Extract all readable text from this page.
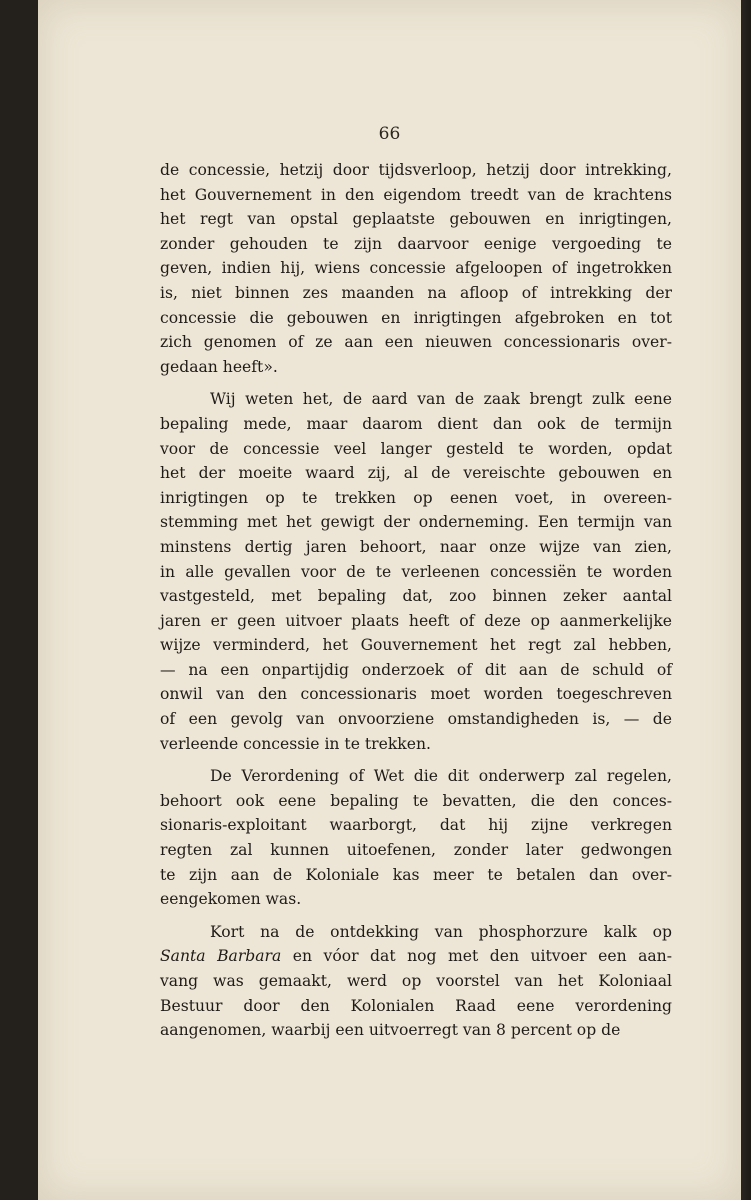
66

de concessie, hetzij door tijdsverloop, hetzij door intrekking,
het Gouvernement in den eigendom treedt van de krachtens
het regt van opstal geplaatste gebouwen en inrigtingen,
zonder gehouden te zijn daarvoor eenige vergoeding te
geven, indien hij, wiens concessie afgeloopen of ingetrokken
is, niet binnen zes maanden na afloop of intrekking der
concessie die gebouwen en inrigtingen afgebroken en tot
zich genomen of ze aan een nieuwen concessionaris over-
gedaan heeft».

Wij weten het, de aard van de zaak brengt zulk eene
bepaling mede, maar daarom dient dan ook de termijn
voor de concessie veel langer gesteld te worden, opdat
het der moeite waard zij, al de vereischte gebouwen en
inrigtingen op te trekken op eenen voet, in overeen-
stemming met het gewigt der onderneming. Een termijn van
minstens dertig jaren behoort, naar onze wijze van zien,
in alle gevallen voor de te verleenen concessiën te worden
vastgesteld, met bepaling dat, zoo binnen zeker aantal
jaren er geen uitvoer plaats heeft of deze op aanmerkelijke
wijze verminderd, het Gouvernement het regt zal hebben,
— na een onpartijdig onderzoek of dit aan de schuld of
onwil van den concessionaris moet worden toegeschreven
of een gevolg van onvoorziene omstandigheden is, — de
verleende concessie in te trekken.

De Verordening of Wet die dit onderwerp zal regelen,
behoort ook eene bepaling te bevatten, die den conces-
sionaris-exploitant waarborgt, dat hij zijne verkregen
regten zal kunnen uitoefenen, zonder later gedwongen
te zijn aan de Koloniale kas meer te betalen dan over-
eengekomen was.

Kort na de ontdekking van phosphorzure kalk op
Santa Barbara en vóor dat nog met den uitvoer een aan-
vang was gemaakt, werd op voorstel van het Koloniaal
Bestuur door den Kolonialen Raad eene verordening
aangenomen, waarbij een uitvoerregt van 8 percent op de
